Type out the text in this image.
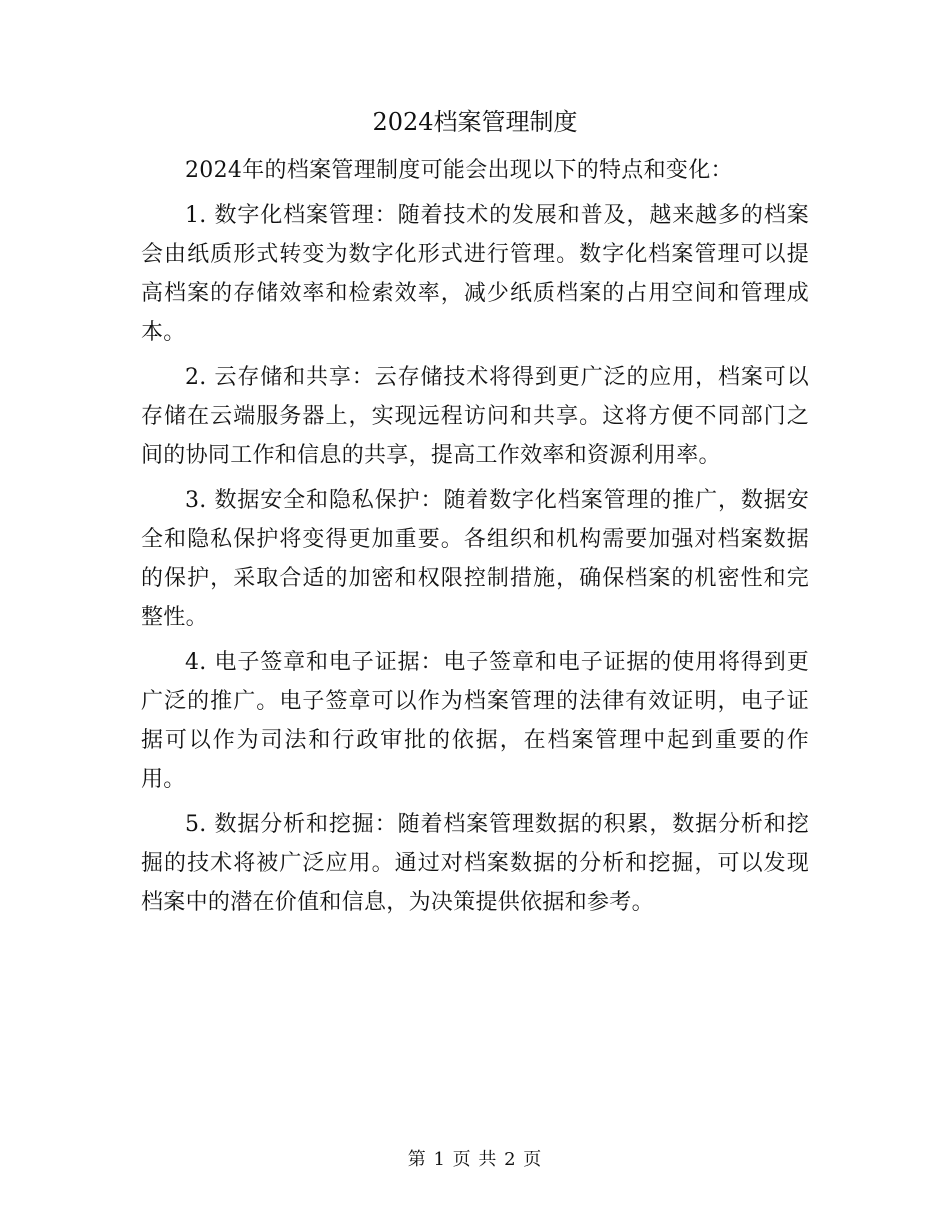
2024档案管理制度

2024年的档案管理制度可能会出现以下的特点和变化：

1. 数字化档案管理：随着技术的发展和普及，越来越多的档案会由纸质形式转变为数字化形式进行管理。数字化档案管理可以提高档案的存储效率和检索效率，减少纸质档案的占用空间和管理成本。

2. 云存储和共享：云存储技术将得到更广泛的应用，档案可以存储在云端服务器上，实现远程访问和共享。这将方便不同部门之间的协同工作和信息的共享，提高工作效率和资源利用率。

3. 数据安全和隐私保护：随着数字化档案管理的推广，数据安全和隐私保护将变得更加重要。各组织和机构需要加强对档案数据的保护，采取合适的加密和权限控制措施，确保档案的机密性和完整性。

4. 电子签章和电子证据：电子签章和电子证据的使用将得到更广泛的推广。电子签章可以作为档案管理的法律有效证明，电子证据可以作为司法和行政审批的依据，在档案管理中起到重要的作用。

5. 数据分析和挖掘：随着档案管理数据的积累，数据分析和挖掘的技术将被广泛应用。通过对档案数据的分析和挖掘，可以发现档案中的潜在价值和信息，为决策提供依据和参考。

第 1 页 共 2 页
